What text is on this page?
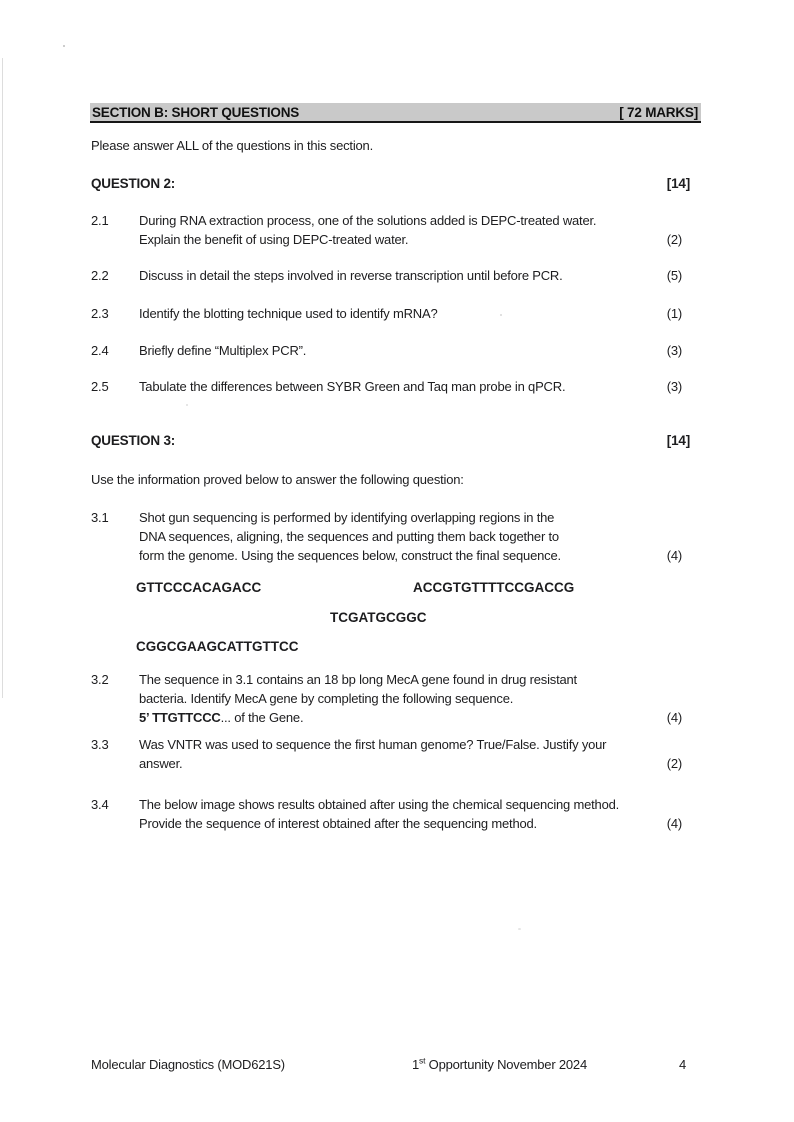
SECTION B: SHORT QUESTIONS	[ 72 MARKS]
Please answer ALL of the questions in this section.
QUESTION 2:	[14]
2.1 During RNA extraction process, one of the solutions added is DEPC-treated water.
Explain the benefit of using DEPC-treated water.	(2)
2.2 Discuss in detail the steps involved in reverse transcription until before PCR.	(5)
2.3 Identify the blotting technique used to identify mRNA?	(1)
2.4 Briefly define “Multiplex PCR”.	(3)
2.5 Tabulate the differences between SYBR Green and Taq man probe in qPCR.	(3)
QUESTION 3:	[14]
Use the information proved below to answer the following question:
3.1 Shot gun sequencing is performed by identifying overlapping regions in the
DNA sequences, aligning, the sequences and putting them back together to
form the genome. Using the sequences below, construct the final sequence.	(4)
GTTCCCACAGACC	ACCGTGTTTTCCGACCG
TCGATGCGGC
CGGCGAAGCATTGTTCC
3.2 The sequence in 3.1 contains an 18 bp long MecA gene found in drug resistant
bacteria. Identify MecA gene by completing the following sequence.
5’ TTGTTCCC... of the Gene.	(4)
3.3 Was VNTR was used to sequence the first human genome? True/False. Justify your
answer.	(2)
3.4 The below image shows results obtained after using the chemical sequencing method.
Provide the sequence of interest obtained after the sequencing method.	(4)
Molecular Diagnostics (MOD621S)	1st Opportunity November 2024	4
